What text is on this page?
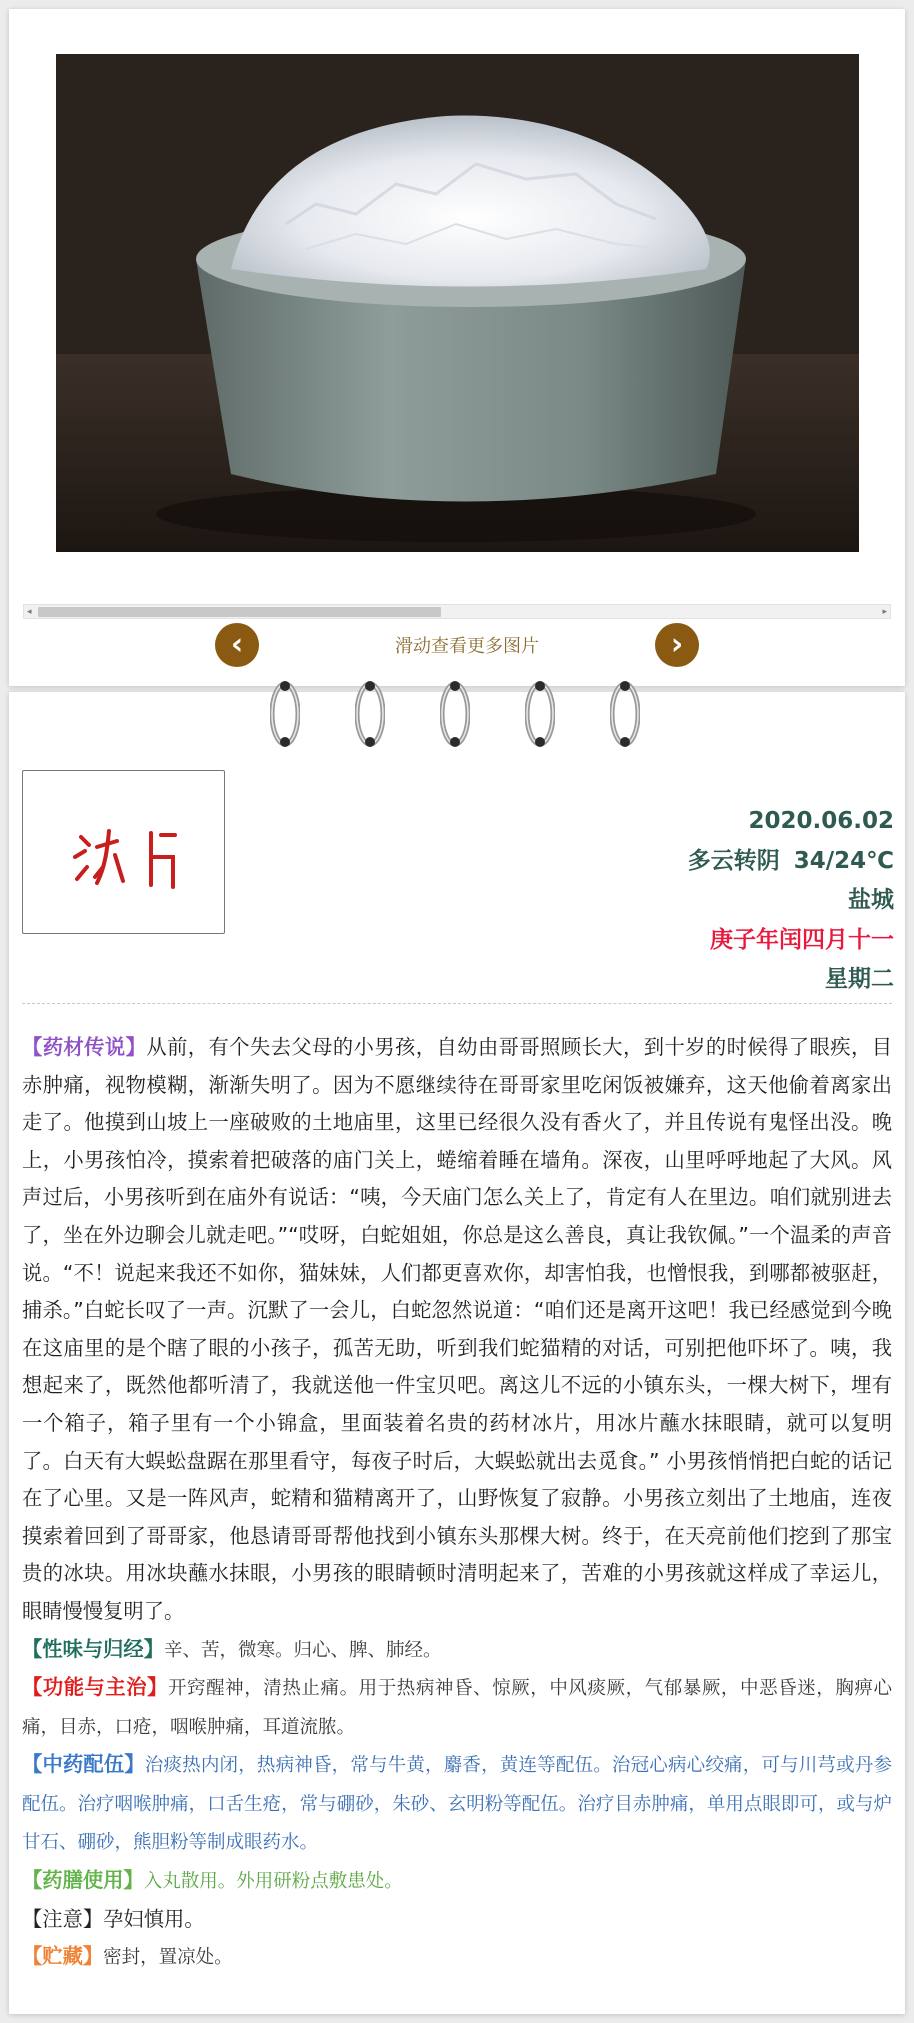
◂	▸
‹	滑动查看更多图片	›
2020.06.02
多云转阴 34/24℃
盐城
庚子年闰四月十一
星期二

【药材传说】从前，有个失去父母的小男孩，自幼由哥哥照顾长大，到十岁的时候得了眼疾，目赤肿痛，视物模糊，渐渐失明了。因为不愿继续待在哥哥家里吃闲饭被嫌弃，这天他偷着离家出走了。他摸到山坡上一座破败的土地庙里，这里已经很久没有香火了，并且传说有鬼怪出没。晚上，小男孩怕冷，摸索着把破落的庙门关上，蜷缩着睡在墙角。深夜，山里呼呼地起了大风。风声过后，小男孩听到在庙外有说话：“咦，今天庙门怎么关上了，肯定有人在里边。咱们就别进去了，坐在外边聊会儿就走吧。”“哎呀，白蛇姐姐，你总是这么善良，真让我钦佩。”一个温柔的声音说。“不！说起来我还不如你，猫妹妹，人们都更喜欢你，却害怕我，也憎恨我，到哪都被驱赶，捕杀。”白蛇长叹了一声。沉默了一会儿，白蛇忽然说道：“咱们还是离开这吧！我已经感觉到今晚在这庙里的是个瞎了眼的小孩子，孤苦无助，听到我们蛇猫精的对话，可别把他吓坏了。咦，我想起来了，既然他都听清了，我就送他一件宝贝吧。离这儿不远的小镇东头，一棵大树下，埋有一个箱子，箱子里有一个小锦盒，里面装着名贵的药材冰片，用冰片蘸水抹眼睛，就可以复明了。白天有大蜈蚣盘踞在那里看守，每夜子时后，大蜈蚣就出去觅食。” 小男孩悄悄把白蛇的话记在了心里。又是一阵风声，蛇精和猫精离开了，山野恢复了寂静。小男孩立刻出了土地庙，连夜摸索着回到了哥哥家，他恳请哥哥帮他找到小镇东头那棵大树。终于，在天亮前他们挖到了那宝贵的冰块。用冰块蘸水抹眼，小男孩的眼睛顿时清明起来了，苦难的小男孩就这样成了幸运儿，眼睛慢慢复明了。

【性味与归经】辛、苦，微寒。归心、脾、肺经。

【功能与主治】开窍醒神，清热止痛。用于热病神昏、惊厥，中风痰厥，气郁暴厥，中恶昏迷，胸痹心痛，目赤，口疮，咽喉肿痛，耳道流脓。

【中药配伍】治痰热内闭，热病神昏，常与牛黄，麝香，黄连等配伍。治冠心病心绞痛，可与川芎或丹参配伍。治疗咽喉肿痛，口舌生疮，常与硼砂，朱砂、玄明粉等配伍。治疗目赤肿痛，单用点眼即可，或与炉甘石、硼砂，熊胆粉等制成眼药水。

【药膳使用】入丸散用。外用研粉点敷患处。

【注意】孕妇慎用。

【贮藏】密封，置凉处。
